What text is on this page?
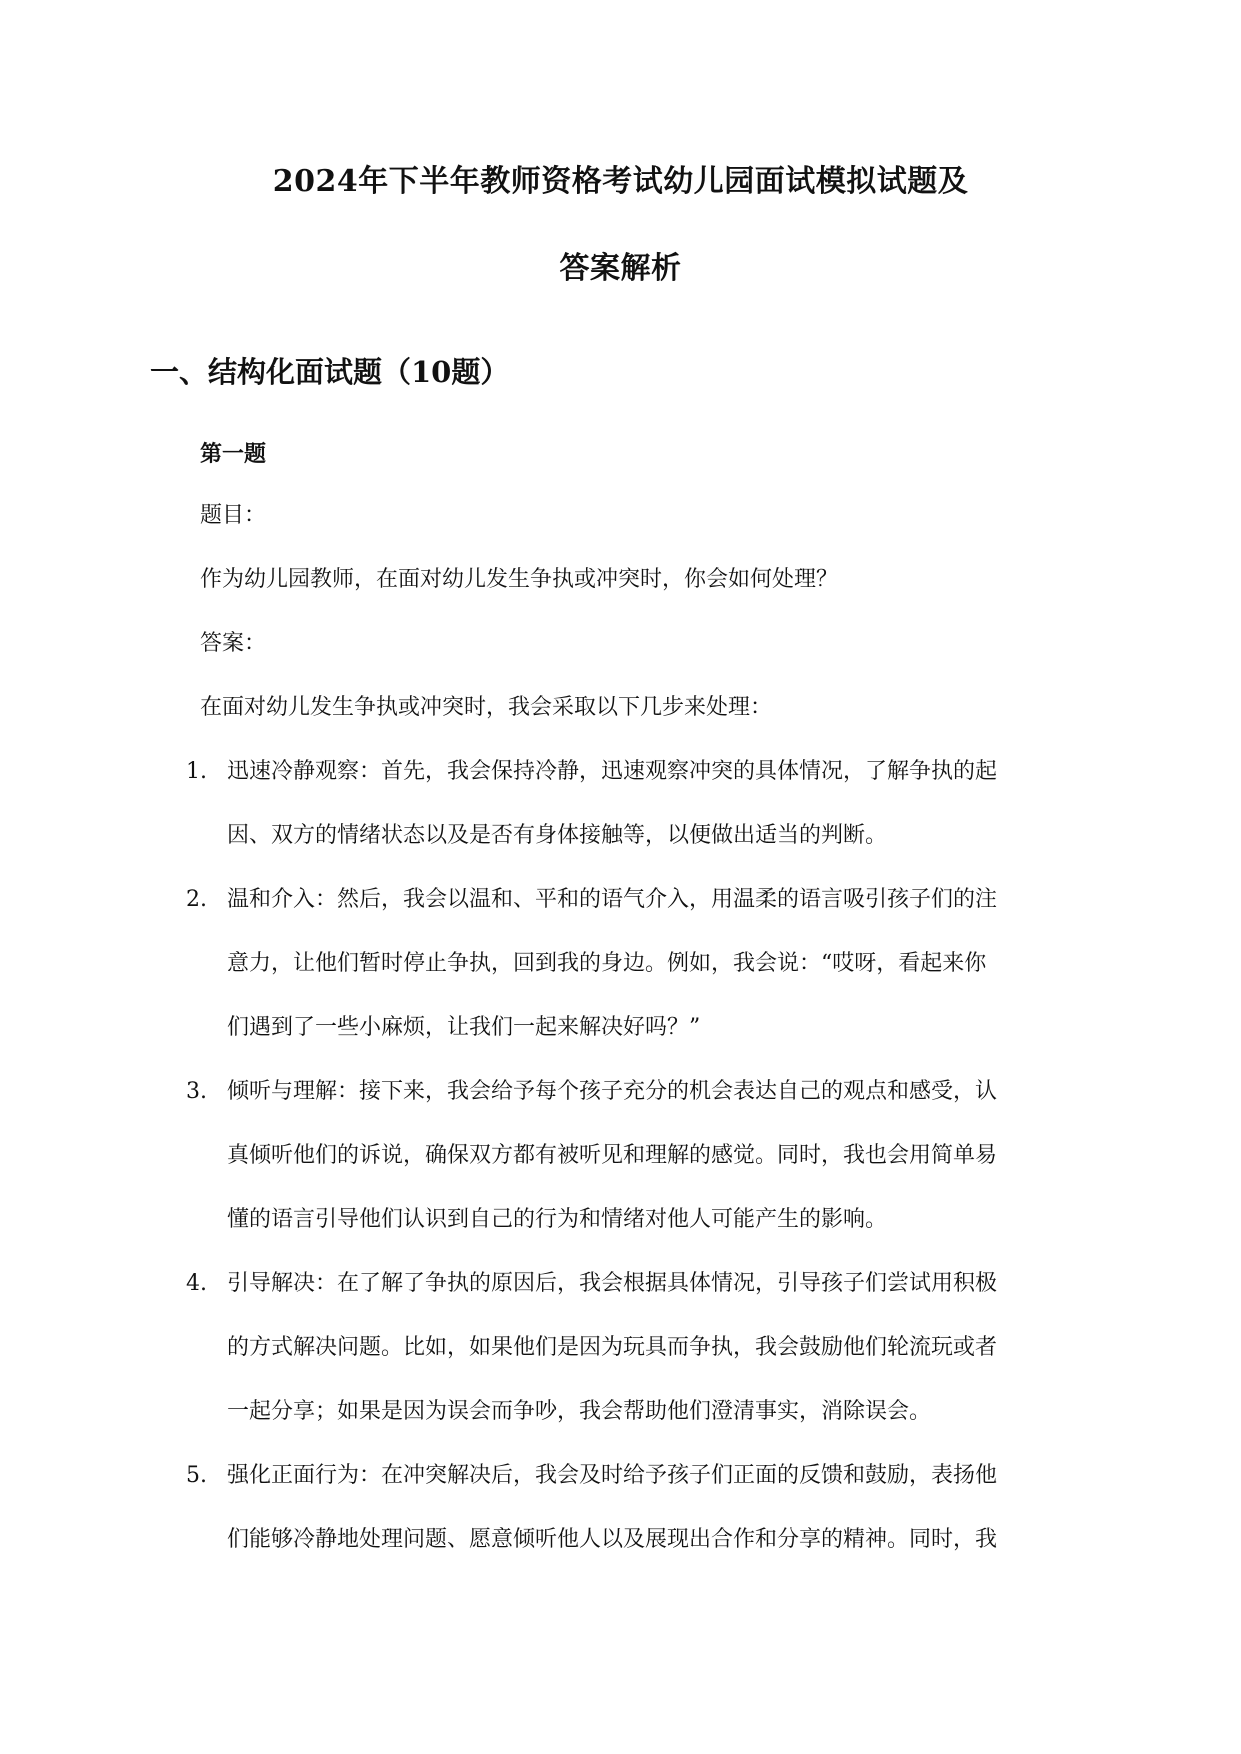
2024年下半年教师资格考试幼儿园面试模拟试题及
答案解析
一、结构化面试题（10题）
第一题
题目：
作为幼儿园教师，在面对幼儿发生争执或冲突时，你会如何处理？
答案：
在面对幼儿发生争执或冲突时，我会采取以下几步来处理：
1. 迅速冷静观察：首先，我会保持冷静，迅速观察冲突的具体情况，了解争执的起
因、双方的情绪状态以及是否有身体接触等，以便做出适当的判断。
2. 温和介入：然后，我会以温和、平和的语气介入，用温柔的语言吸引孩子们的注
意力，让他们暂时停止争执，回到我的身边。例如，我会说：“哎呀，看起来你
们遇到了一些小麻烦，让我们一起来解决好吗？”
3. 倾听与理解：接下来，我会给予每个孩子充分的机会表达自己的观点和感受，认
真倾听他们的诉说，确保双方都有被听见和理解的感觉。同时，我也会用简单易
懂的语言引导他们认识到自己的行为和情绪对他人可能产生的影响。
4. 引导解决：在了解了争执的原因后，我会根据具体情况，引导孩子们尝试用积极
的方式解决问题。比如，如果他们是因为玩具而争执，我会鼓励他们轮流玩或者
一起分享；如果是因为误会而争吵，我会帮助他们澄清事实，消除误会。
5. 强化正面行为：在冲突解决后，我会及时给予孩子们正面的反馈和鼓励，表扬他
们能够冷静地处理问题、愿意倾听他人以及展现出合作和分享的精神。同时，我
